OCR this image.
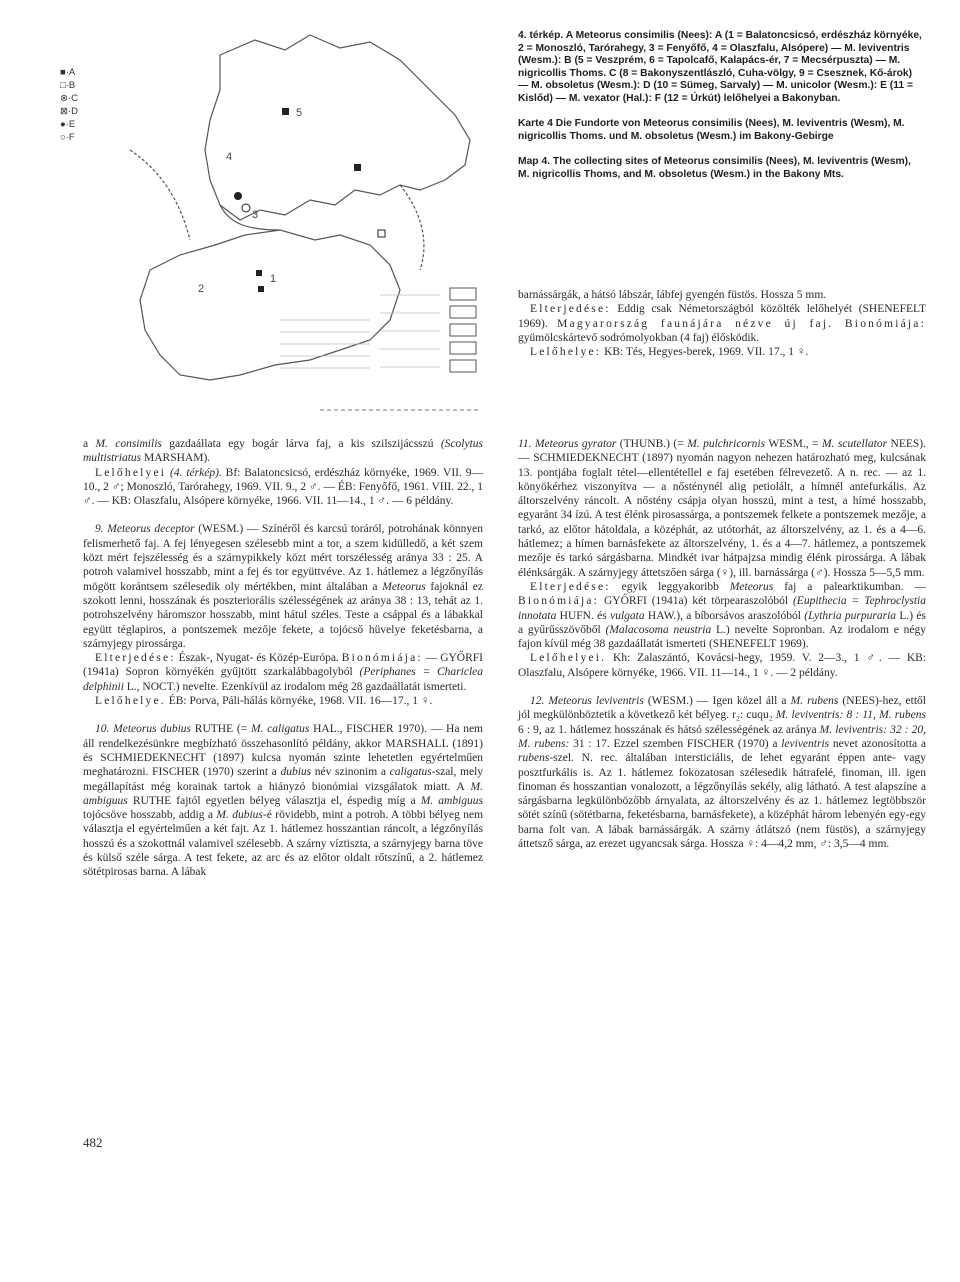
■·A
□·B
⊗·C
⊠·D
●·E
○·F
5
4
3
1
2

4. térkép. A Meteorus consimilis (Nees): A (1 = Balatoncsicsó, erdészház környéke, 2 = Monoszló, Tarórahegy, 3 = Fenyőfő, 4 = Olaszfalu, Alsópere) — M. leviventris (Wesm.): B (5 = Veszprém, 6 = Tapolcafő, Kalapács-ér, 7 = Mecsérpuszta) — M. nigricollis Thoms. C (8 = Bakonyszentlászló, Cuha-völgy, 9 = Csesznek, Kő-árok) — M. obsoletus (Wesm.): D (10 = Sümeg, Sarvaly) — M. unicolor (Wesm.): E (11 = Kislőd) — M. vexator (Hal.): F (12 = Úrkút) lelőhelyei a Bakonyban.

Karte 4 Die Fundorte von Meteorus consimilis (Nees), M. leviventris (Wesm), M. nigricollis Thoms. und M. obsoletus (Wesm.) im Bakony-Gebirge

Map 4. The collecting sites of Meteorus consimilis (Nees), M. leviventris (Wesm), M. nigricollis Thoms, and M. obsoletus (Wesm.) in the Bakony Mts.

barnássárgák, a hátsó lábszár, lábfej gyengén füstös. Hossza 5 mm.

Elterjedése: Eddig csak Németországból közölték lelőhelyét (SHENEFELT 1969). Magyarország faunájára nézve új faj. Bionómiája: gyümölcskártevő sodrómolyokban (4 faj) élősködik.

Lelőhelye: KB: Tés, Hegyes-berek, 1969. VII. 17., 1 ♀.

a M. consimilis gazdaállata egy bogár lárva faj, a kis szilszijácsszú (Scolytus multistriatus MARSHAM).

Lelőhelyei (4. térkép). Bf: Balatoncsicsó, erdészház környéke, 1969. VII. 9—10., 2 ♂; Monoszló, Tarórahegy, 1969. VII. 9., 2 ♂. — ÉB: Fenyőfő, 1961. VIII. 22., 1 ♂. — KB: Olaszfalu, Alsópere környéke, 1966. VII. 11—14., 1 ♂. — 6 példány.

9. Meteorus deceptor (WESM.) — Színéről és karcsú toráról, potrohának könnyen felismerhető faj. A fej lényegesen szélesebb mint a tor, a szem kidülledő, a két szem közt mért fejszélesség és a szárnypikkely közt mért torszélesség aránya 33 : 25. A potroh valamivel hosszabb, mint a fej és tor együttvéve. Az 1. hátlemez a légzőnyílás mögött korántsem szélesedik oly mértékben, mint általában a Meteorus fajoknál ez szokott lenni, hosszának és poszteriorális szélességének az aránya 38 : 13, tehát az 1. potrohszelvény háromszor hosszabb, mint hátul széles. Teste a csáppal és a lábakkal együtt téglapiros, a pontszemek mezője fekete, a tojócső hüvelye feketésbarna, a szárnyjegy pirossárga.

Elterjedése: Észak-, Nyugat- és Közép-Európa. Bionómiája: — GYŐRFI (1941a) Sopron környékén gyűjtött szarkalábbagolyból (Periphanes = Chariclea delphinii L., NOCT.) nevelte. Ezenkívül az irodalom még 28 gazdaállatát ismerteti.

Lelőhelye. ÉB: Porva, Páli-hálás környéke, 1968. VII. 16—17., 1 ♀.

10. Meteorus dubius RUTHE (= M. caligatus HAL., FISCHER 1970). — Ha nem áll rendelkezésünkre megbízható összehasonlító példány, akkor MARSHALL (1891) és SCHMIEDEKNECHT (1897) kulcsa nyomán szinte lehetetlen egyértelműen meghatározni. FISCHER (1970) szerint a dubius név szinonim a caligatus-szal, mely megállapítást még korainak tartok a hiányzó bionómiai vizsgálatok miatt. A M. ambiguus RUTHE fajtól egyetlen bélyeg választja el, éspedig míg a M. ambiguus tojócsöve hosszabb, addig a M. dubius-é rövidebb, mint a potroh. A többi bélyeg nem választja el egyértelműen a két fajt. Az 1. hátlemez hosszantian ráncolt, a légzőnyílás hosszú és a szokottnál valamivel szélesebb. A szárny víztiszta, a szárnyjegy barna töve és külső széle sárga. A test fekete, az arc és az előtor oldalt rőtszínű, a 2. hátlemez sötétpirosas barna. A lábak

11. Meteorus gyrator (THUNB.) (= M. pulchricornis WESM., = M. scutellator NEES). — SCHMIEDEKNECHT (1897) nyomán nagyon nehezen határozható meg, kulcsának 13. pontjába foglalt tétel—ellentétellel e faj esetében félrevezető. A n. rec. — az 1. könyökérhez viszonyítva — a nősténynél alig petiolált, a hímnél antefurkális. Az áltorszelvény ráncolt. A nőstény csápja olyan hosszú, mint a test, a hímé hosszabb, egyaránt 34 ízú. A test élénk pirosassárga, a pontszemek felkete a pontszemek mezője, a tarkó, az előtor hátoldala, a középhát, az utótorhát, az áltorszelvény, az 1. és a 4—6. hátlemez; a hímen barnásfekete az áltorszelvény, 1. és a 4—7. hátlemez, a pontszemek mezője és tarkó sárgásbarna. Mindkét ivar hátpajzsa mindig élénk pirossárga. A lábak élénksárgák. A szárnyjegy áttetszően sárga (♀), ill. barnássárga (♂). Hossza 5—5,5 mm.

Elterjedése: egyik leggyakoribb Meteorus faj a palearktikumban. — Bionómiája: GYŐRFI (1941a) két törpearaszolóból (Eupithecia = Tephroclystia innotata HUFN. és vulgata HAW.), a bíborsávos araszolóból (Lythria purpuraria L.) és a gyűrűsszövőből (Malacosoma neustria L.) nevelte Sopronban. Az irodalom e négy fajon kívül még 38 gazdaállatát ismerteti (SHENEFELT 1969).

Lelőhelyei. Kh: Zalaszántó, Kovácsi-hegy, 1959. V. 2—3., 1 ♂. — KB: Olaszfalu, Alsópere környéke, 1966. VII. 11—14., 1 ♀. — 2 példány.

12. Meteorus leviventris (WESM.) — Igen közel áll a M. rubens (NEES)-hez, ettől jól megkülönböztetik a következő két bélyeg. r₂: cuqu₂ M. leviventris: 8 : 11, M. rubens 6 : 9, az 1. hátlemez hosszának és hátsó szélességének az aránya M. leviventris: 32 : 20, M. rubens: 31 : 17. Ezzel szemben FISCHER (1970) a leviventris nevet azonosította a rubens-szel. N. rec. általában intersticiális, de lehet egyaránt éppen ante- vagy posztfurkális is. Az 1. hátlemez fokozatosan szélesedik hátrafelé, finoman, ill. igen finoman és hosszantian vonalozott, a légzőnyílás sekély, alig látható. A test alapszíne a sárgásbarna legkülönbözőbb árnyalata, az áltorszelvény és az 1. hátlemez legtöbbször sötét színű (sötétbarna, feketésbarna, barnásfekete), a középhát három lebenyén egy-egy barna folt van. A lábak barnássárgák. A szárny átlátszó (nem füstös), a szárnyjegy áttetsző sárga, az erezet ugyancsak sárga. Hossza ♀: 4—4,2 mm, ♂: 3,5—4 mm.

482
